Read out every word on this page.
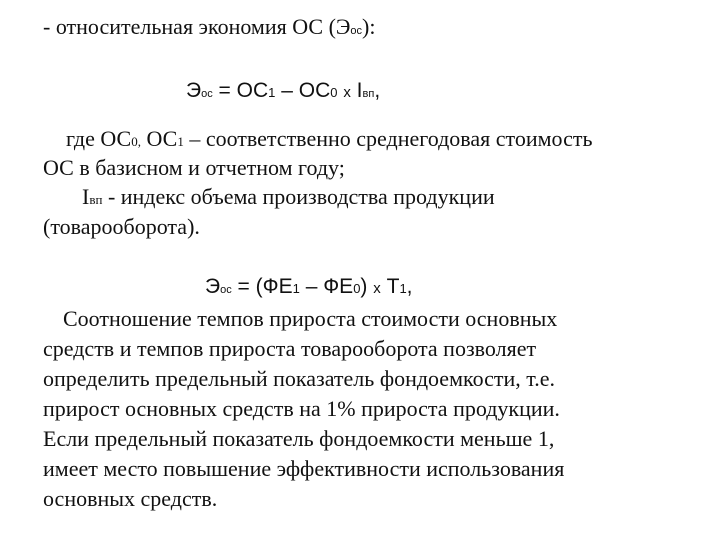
- относительная экономия ОС (Эос):
Эос = ОС1 – ОС0 х Iвп,
где ОС0, ОС1 – соответственно среднегодовая стоимость
ОС в базисном и отчетном году;
Iвп - индекс объема производства продукции
(товарооборота).
Эос = (ФЕ1 – ФЕ0) х Т1,
Соотношение темпов прироста стоимости основных
средств и темпов прироста товарооборота позволяет
определить предельный показатель фондоемкости, т.е.
прирост основных средств на 1% прироста продукции.
Если предельный показатель фондоемкости меньше 1,
имеет место повышение эффективности использования
основных средств.
